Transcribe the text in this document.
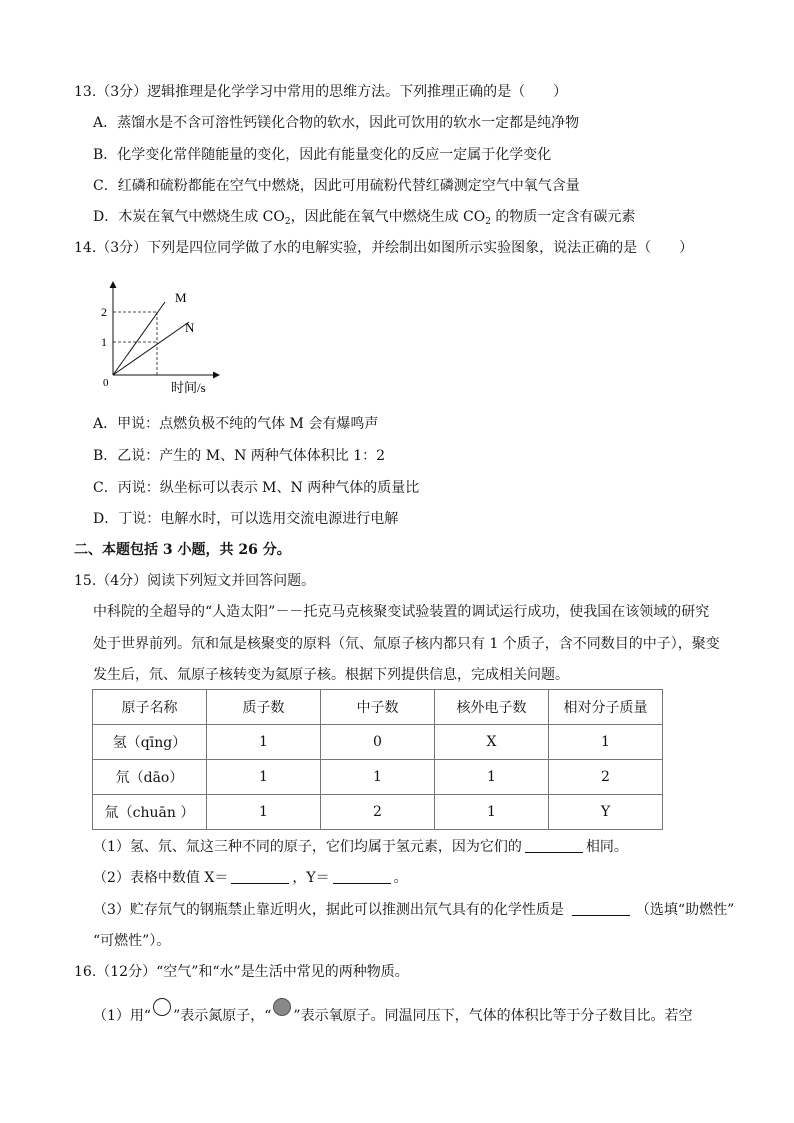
13.（3分）逻辑推理是化学学习中常用的思维方法。下列推理正确的是（　　）
A．蒸馏水是不含可溶性钙镁化合物的软水，因此可饮用的软水一定都是纯净物
B．化学变化常伴随能量的变化，因此有能量变化的反应一定属于化学变化
C．红磷和硫粉都能在空气中燃烧，因此可用硫粉代替红磷测定空气中氧气含量
D．木炭在氧气中燃烧生成 $CO_2$，因此能在氧气中燃烧生成 $CO_2$ 的物质一定含有碳元素
14.（3分）下列是四位同学做了水的电解实验，并绘制出如图所示实验图象，说法正确的是（　　）
M
N
2
1
0	时间/s
A．甲说：点燃负极不纯的气体 M 会有爆鸣声
B．乙说：产生的 M、N 两种气体体积比 1：2
C．丙说：纵坐标可以表示 M、N 两种气体的质量比
D．丁说：电解水时，可以选用交流电源进行电解
二、本题包括 3 小题，共 26 分。
15.（4分）阅读下列短文并回答问题。
中科院的全超导的“人造太阳”－－托克马克核聚变试验装置的调试运行成功，使我国在该领域的研究
处于世界前列。氘和氚是核聚变的原料（氘、氚原子核内都只有 1 个质子，含不同数目的中子），聚变
发生后，氘、氚原子核转变为氦原子核。根据下列提供信息，完成相关问题。
原子名称	质子数	中子数	核外电子数	相对分子质量
氢（qīng）	1	0	X	1
氘（dāo）	1	1	1	2
氚（chuān ）	1	2	1	Y
（1）氢、氘、氚这三种不同的原子，它们均属于氢元素，因为它们的	相同。
（2）表格中数值 X＝	，Y＝	。
（3）贮存氘气的钢瓶禁止靠近明火，据此可以推测出氘气具有的化学性质是	（选填“助燃性”
“可燃性”）。
16.（12分）“空气”和“水”是生活中常见的两种物质。
（1）用“ ”表示氮原子，“ ”表示氧原子。同温同压下，气体的体积比等于分子数目比。若空
